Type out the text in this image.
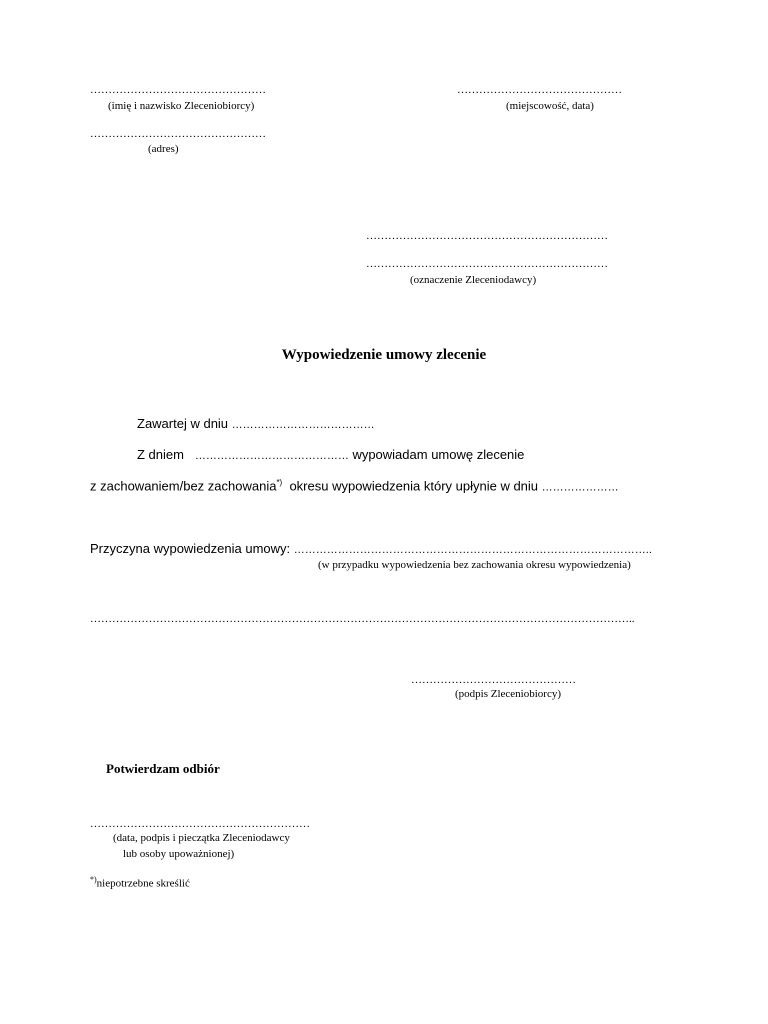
…………………………………………
(imię i nazwisko Zleceniobiorcy)
…………………………………………
(adres)
………………………………………
(miejscowość, data)
…………………………………………………………
…………………………………………………………
(oznaczenie Zleceniodawcy)
Wypowiedzenie umowy zlecenie
Zawartej w dniu …………………………………
Z dniem …………………………………… wypowiadam umowę zlecenie
z zachowaniem/bez zachowania*) okresu wypowiedzenia który upłynie w dniu …………………
Przyczyna wypowiedzenia umowy: ……………………………………………………………………………………..
(w przypadku wypowiedzenia bez zachowania okresu wypowiedzenia)
…………………………………………………………………………………………………………………………………..
………………………………………
(podpis Zleceniobiorcy)
Potwierdzam odbiór
……………………………………………………
(data, podpis i pieczątka Zleceniodawcy
lub osoby upoważnionej)
*)niepotrzebne skreślić
